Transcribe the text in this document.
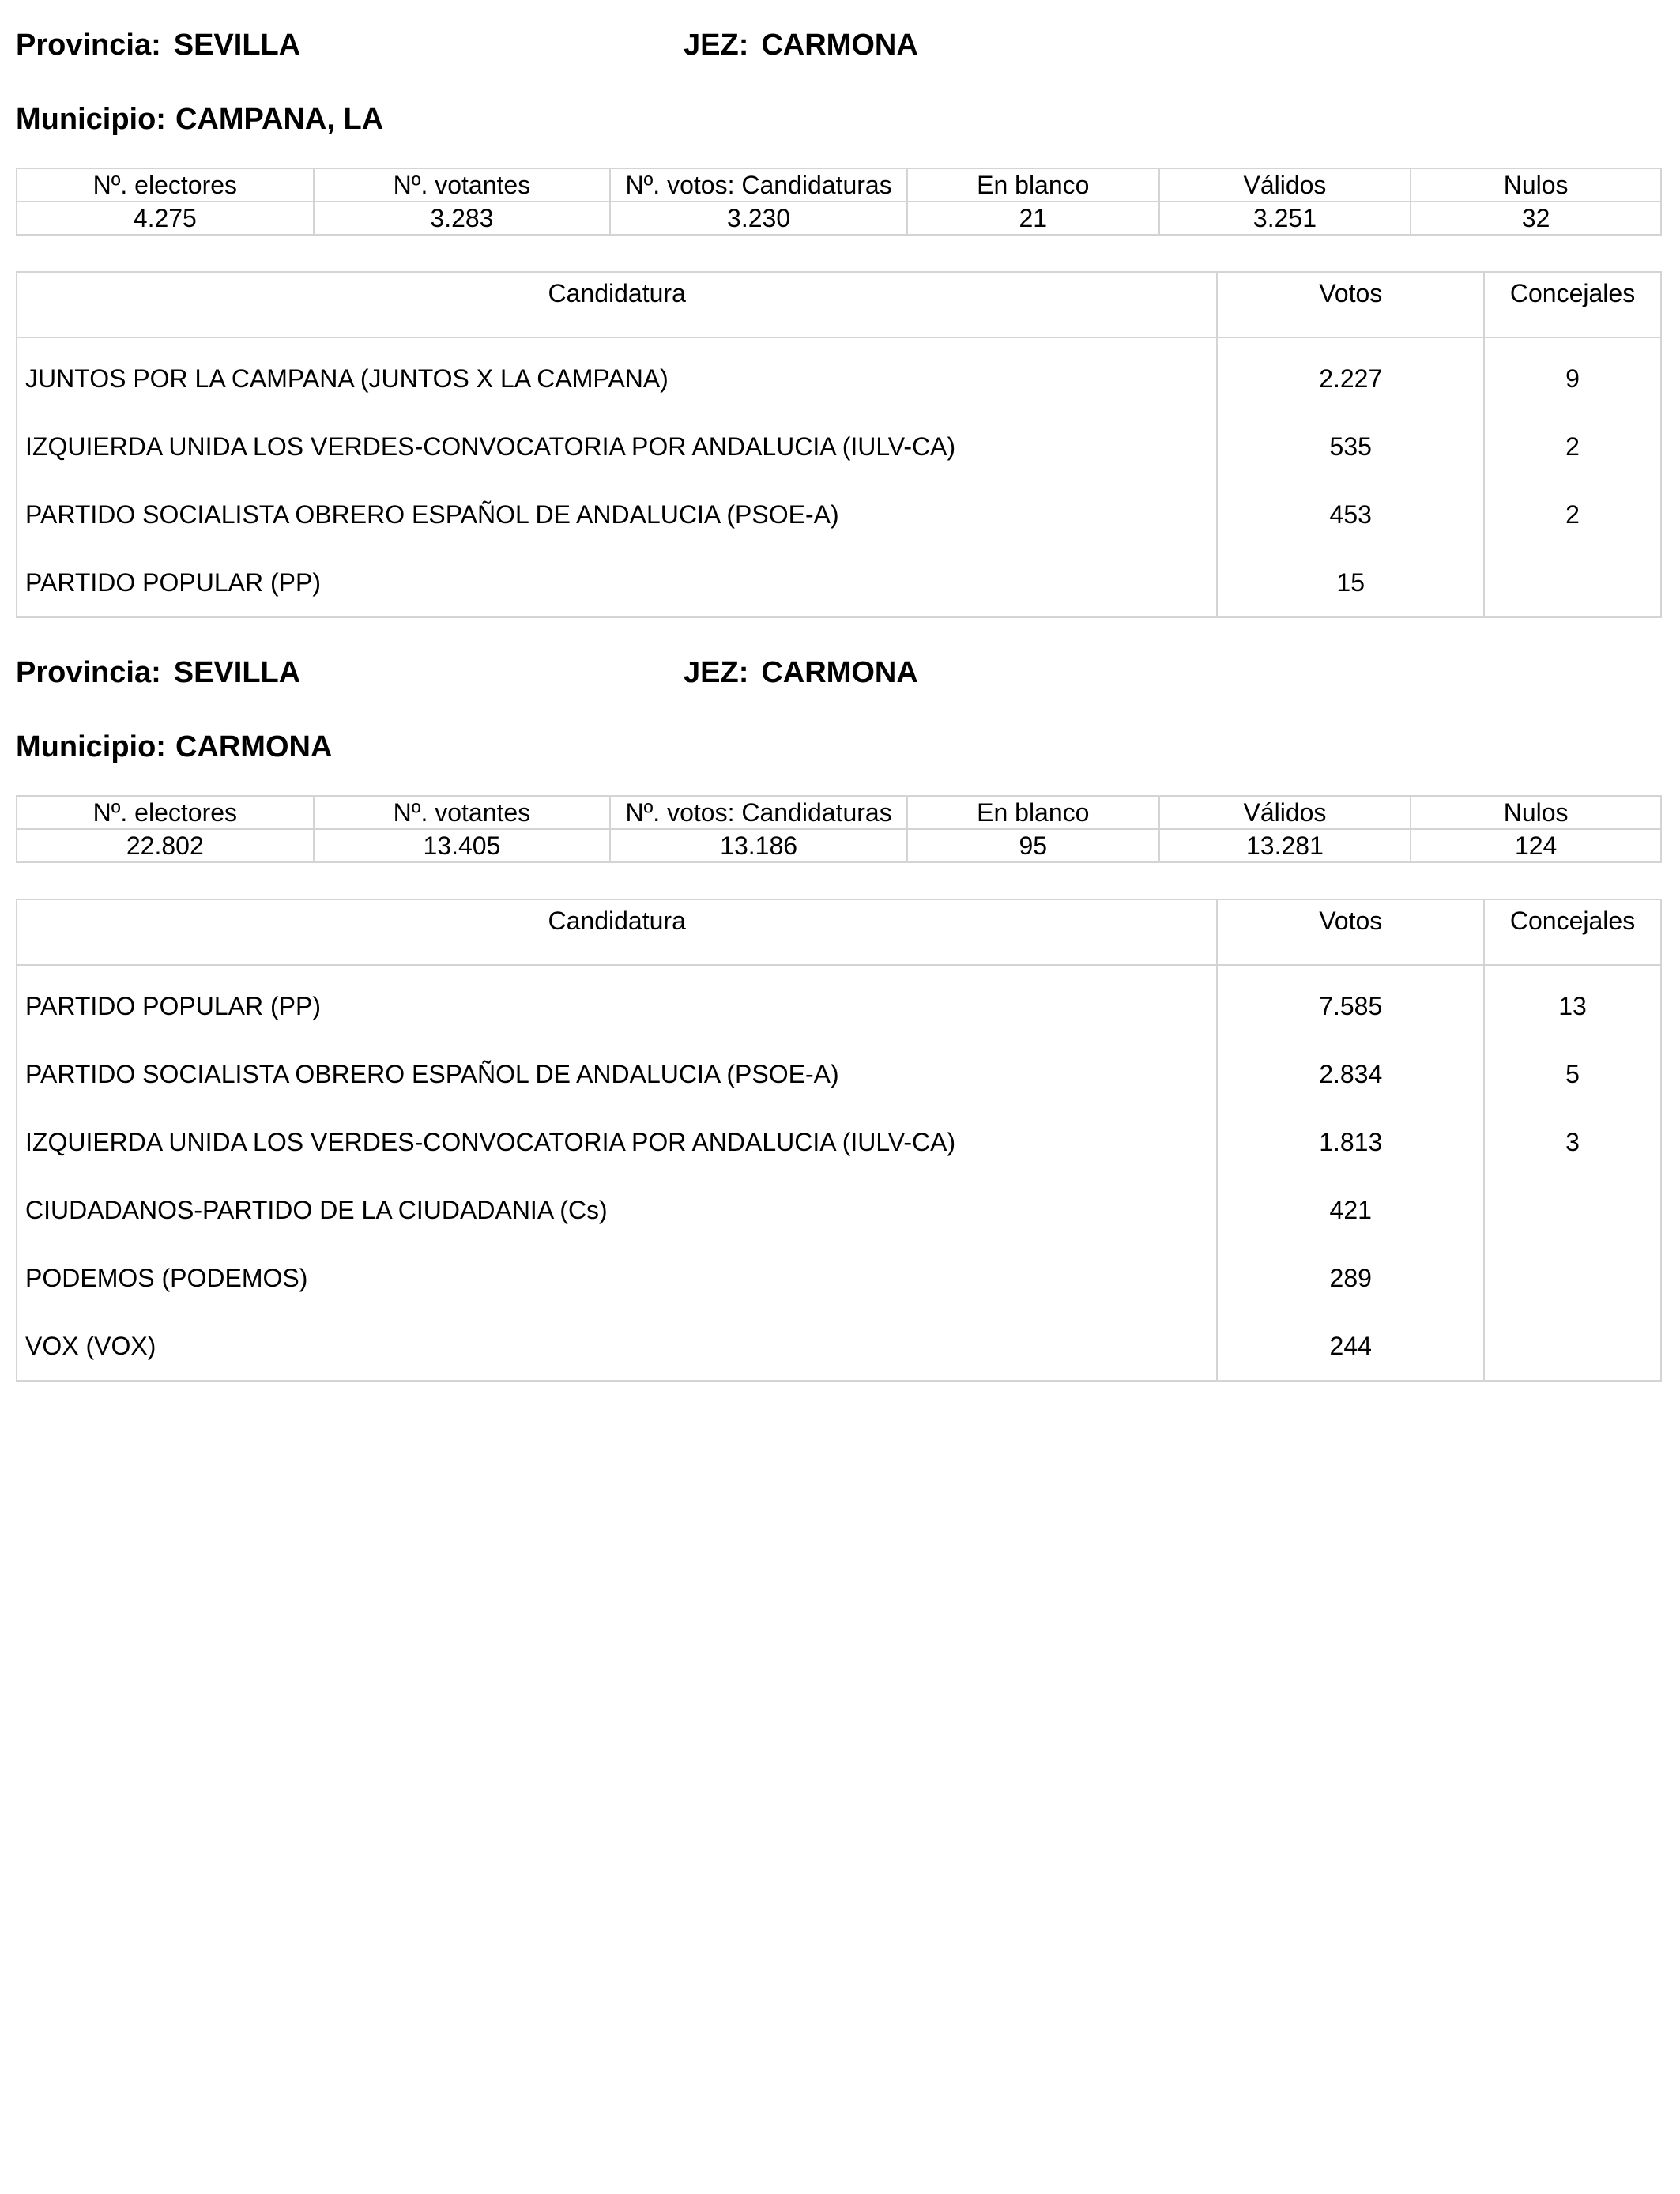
Provincia: SEVILLA	JEZ: CARMONA
Municipio: CAMPANA, LA
Nº. electores	Nº. votantes	Nº. votos: Candidaturas	En blanco	Válidos	Nulos
4.275	3.283	3.230	21	3.251	32
Candidatura	Votos	Concejales
JUNTOS POR LA CAMPANA (JUNTOS X LA CAMPANA)	2.227	9
IZQUIERDA UNIDA LOS VERDES-CONVOCATORIA POR ANDALUCIA (IULV-CA)	535	2
PARTIDO SOCIALISTA OBRERO ESPAÑOL DE ANDALUCIA (PSOE-A)	453	2
PARTIDO POPULAR (PP)	15	
Provincia: SEVILLA	JEZ: CARMONA
Municipio: CARMONA
Nº. electores	Nº. votantes	Nº. votos: Candidaturas	En blanco	Válidos	Nulos
22.802	13.405	13.186	95	13.281	124
Candidatura	Votos	Concejales
PARTIDO POPULAR (PP)	7.585	13
PARTIDO SOCIALISTA OBRERO ESPAÑOL DE ANDALUCIA (PSOE-A)	2.834	5
IZQUIERDA UNIDA LOS VERDES-CONVOCATORIA POR ANDALUCIA (IULV-CA)	1.813	3
CIUDADANOS-PARTIDO DE LA CIUDADANIA (Cs)	421	
PODEMOS (PODEMOS)	289	
VOX (VOX)	244	
